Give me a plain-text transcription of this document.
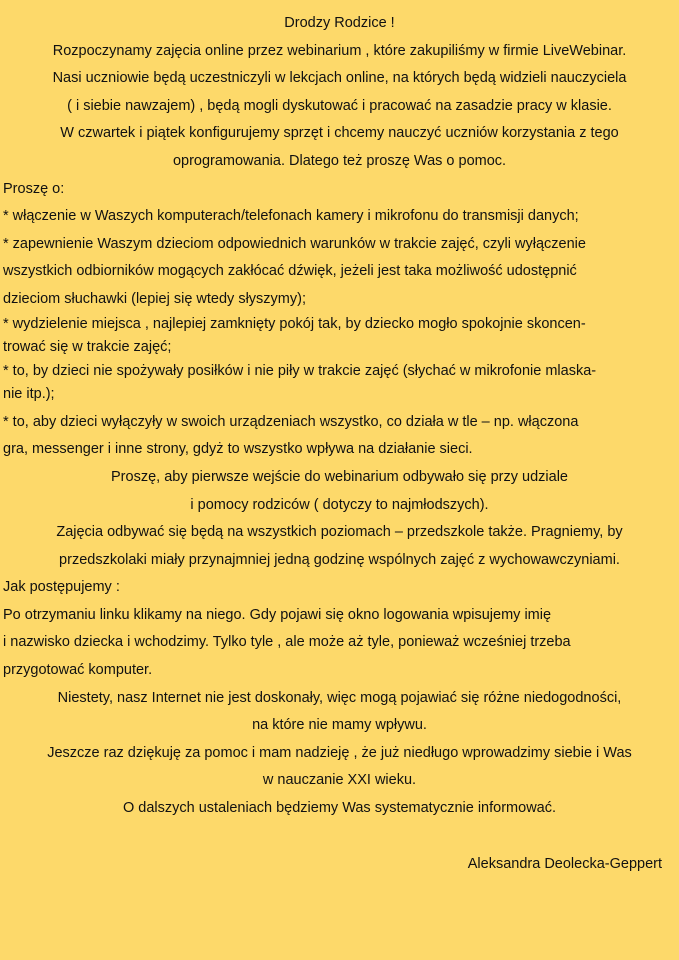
Drodzy Rodzice !
Rozpoczynamy zajęcia online przez webinarium , które zakupiliśmy w firmie LiveWebinar.
Nasi uczniowie będą uczestniczyli w lekcjach online, na których będą widzieli nauczyciela
( i siebie nawzajem) , będą mogli dyskutować i pracować na zasadzie pracy w klasie.
W czwartek i piątek konfigurujemy sprzęt i chcemy nauczyć uczniów korzystania z tego
oprogramowania. Dlatego też proszę Was o pomoc.
Proszę o:
* włączenie w Waszych komputerach/telefonach kamery i mikrofonu do transmisji danych;
* zapewnienie Waszym dzieciom odpowiednich warunków w trakcie zajęć, czyli wyłączenie
wszystkich odbiorników mogących zakłócać dźwięk, jeżeli jest taka możliwość udostępnić
dzieciom słuchawki (lepiej się wtedy słyszymy);
* wydzielenie miejsca , najlepiej zamknięty pokój tak, by dziecko mogło spokojnie skoncen-
trować się w trakcie zajęć;
* to, by dzieci nie spożywały posiłków i nie piły w trakcie zajęć (słychać w mikrofonie mlaska-
nie itp.);
* to, aby dzieci wyłączyły w swoich urządzeniach wszystko, co działa w tle – np. włączona
gra, messenger i inne strony, gdyż to wszystko wpływa na działanie sieci.
Proszę, aby pierwsze wejście do webinarium odbywało się przy udziale
i pomocy rodziców ( dotyczy to najmłodszych).
Zajęcia odbywać się będą na wszystkich poziomach – przedszkole także. Pragniemy, by
przedszkolaki miały przynajmniej jedną godzinę wspólnych zajęć z wychowawczyniami.
Jak postępujemy :
Po otrzymaniu linku klikamy na niego. Gdy pojawi się okno logowania wpisujemy imię
i nazwisko dziecka i wchodzimy. Tylko tyle , ale może aż tyle, ponieważ wcześniej trzeba
przygotować komputer.
Niestety, nasz Internet nie jest doskonały, więc mogą pojawiać się różne niedogodności,
na które nie mamy wpływu.
Jeszcze raz dziękuję za pomoc i mam nadzieję , że już niedługo wprowadzimy siebie i Was
w nauczanie XXI wieku.
O dalszych ustaleniach będziemy Was systematycznie informować.
Aleksandra Deolecka-Geppert
